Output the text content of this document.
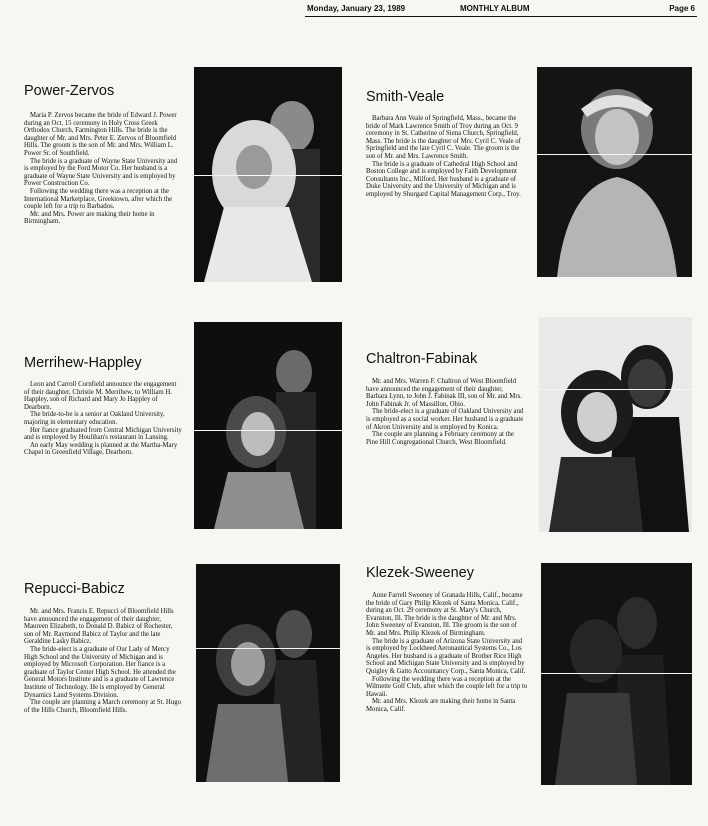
Monday, January 23, 1989	MONTHLY ALBUM	Page 6
Power-Zervos

Maria P. Zervos became the bride of Edward J. Power during an Oct. 15 ceremony in Holy Cross Greek Orthodox Church, Farmington Hills. The bride is the daughter of Mr. and Mrs. Peter E. Zervos of Bloomfield Hills. The groom is the son of Mr. and Mrs. William L. Power Sr. of Southfield.

The bride is a graduate of Wayne State University and is employed by the Ford Motor Co. Her husband is a graduate of Wayne State University and is employed by Power Construction Co.

Following the wedding there was a reception at the International Marketplace, Greektown, after which the couple left for a trip to Barbados.

Mr. and Mrs. Power are making their home in Birmingham.

Smith-Veale

Barbara Ann Veale of Springfield, Mass., became the bride of Mark Lawrence Smith of Troy during an Oct. 9 ceremony in St. Catherine of Siena Church, Springfield, Mass. The bride is the daughter of Mrs. Cyril C. Veale of Springfield and the late Cyril C. Veale. The groom is the son of Mr. and Mrs. Lawrence Smith.

The bride is a graduate of Cathedral High School and Boston College and is employed by Faith Development Consultants Inc., Milford. Her husband is a graduate of Duke University and the University of Michigan and is employed by Shurgard Capital Management Corp., Troy.

Merrihew-Happley

Leon and Carroll Cornfield announce the engagement of their daughter, Christie M. Merrihew, to William H. Happley, son of Richard and Mary Jo Happley of Dearborn.

The bride-to-be is a senior at Oakland University, majoring in elementary education.

Her fiance graduated from Central Michigan University and is employed by Houlihan's restaurant in Lansing.

An early May wedding is planned at the Martha-Mary Chapel in Greenfield Village, Dearborn.

Chaltron-Fabinak

Mr. and Mrs. Warren F. Chaltron of West Bloomfield have announced the engagement of their daughter, Barbara Lynn, to John J. Fabinak III, son of Mr. and Mrs. John Fabinak Jr. of Massillon, Ohio.

The bride-elect is a graduate of Oakland University and is employed as a social worker. Her husband is a graduate of Akron University and is employed by Konica.

The couple are planning a February ceremony at the Pine Hill Congregational Church, West Bloomfield.

Repucci-Babicz

Mr. and Mrs. Francis E. Repucci of Bloomfield Hills have announced the engagement of their daughter, Maureen Elizabeth, to Donald D. Babicz of Rochester, son of Mr. Raymond Babicz of Taylor and the late Geraldine Lasky Babicz.

The bride-elect is a graduate of Our Lady of Mercy High School and the University of Michigan and is employed by Microsoft Corporation. Her fiance is a graduate of Taylor Center High School. He attended the General Motors Institute and is a graduate of Lawrence Institute of Technology. He is employed by General Dynamics Land Systems Division.

The couple are planning a March ceremony at St. Hugo of the Hills Church, Bloomfield Hills.

Klezek-Sweeney

Anne Farrell Sweeney of Granada Hills, Calif., became the bride of Gary Philip Klezek of Santa Monica, Calif., during an Oct. 29 ceremony at St. Mary's Church, Evanston, Ill. The bride is the daughter of Mr. and Mrs. John Sweeney of Evanston, Ill. The groom is the son of Mr. and Mrs. Philip Klezek of Birmingham.

The bride is a graduate of Arizona State University and is employed by Lockheed Aeronautical Systems Co., Los Angeles. Her husband is a graduate of Brother Rice High School and Michigan State University and is employed by Quigley & Gatto Accountancy Corp., Santa Monica, Calif.

Following the wedding there was a reception at the Wilmette Golf Club, after which the couple left for a trip to Hawaii.

Mr. and Mrs. Klezek are making their home in Santa Monica, Calif.
